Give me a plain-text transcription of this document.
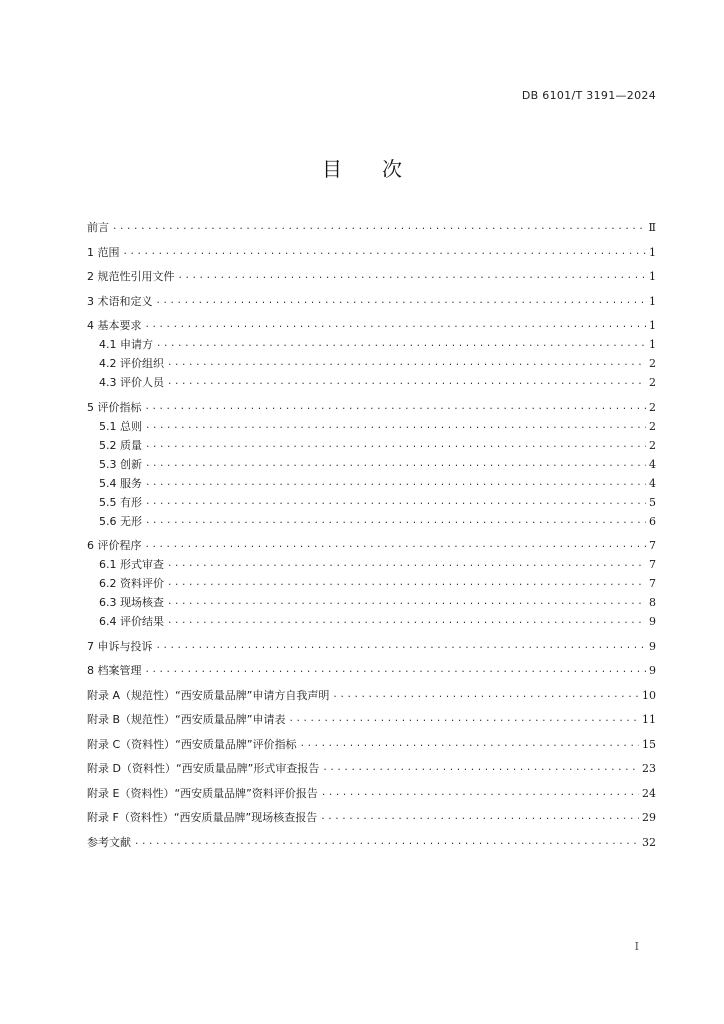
DB 6101/T 3191—2024
目　　次
前言 .....	Ⅱ
1 范围 .....	1
2 规范性引用文件 .....	1
3 术语和定义 .....	1
4 基本要求 .....	1
4.1 申请方 .....	1
4.2 评价组织 .....	2
4.3 评价人员 .....	2
5 评价指标 .....	2
5.1 总则 .....	2
5.2 质量 .....	2
5.3 创新 .....	4
5.4 服务 .....	4
5.5 有形 .....	5
5.6 无形 .....	6
6 评价程序 .....	7
6.1 形式审查 .....	7
6.2 资料评价 .....	7
6.3 现场核查 .....	8
6.4 评价结果 .....	9
7 申诉与投诉 .....	9
8 档案管理 .....	9
附录 A（规范性）“西安质量品牌”申请方自我声明 .....	10
附录 B（规范性）“西安质量品牌”申请表 .....	11
附录 C（资料性）“西安质量品牌”评价指标 .....	15
附录 D（资料性）“西安质量品牌”形式审查报告 .....	23
附录 E（资料性）“西安质量品牌”资料评价报告 .....	24
附录 F（资料性）“西安质量品牌”现场核查报告 .....	29
参考文献 .....	32
I
